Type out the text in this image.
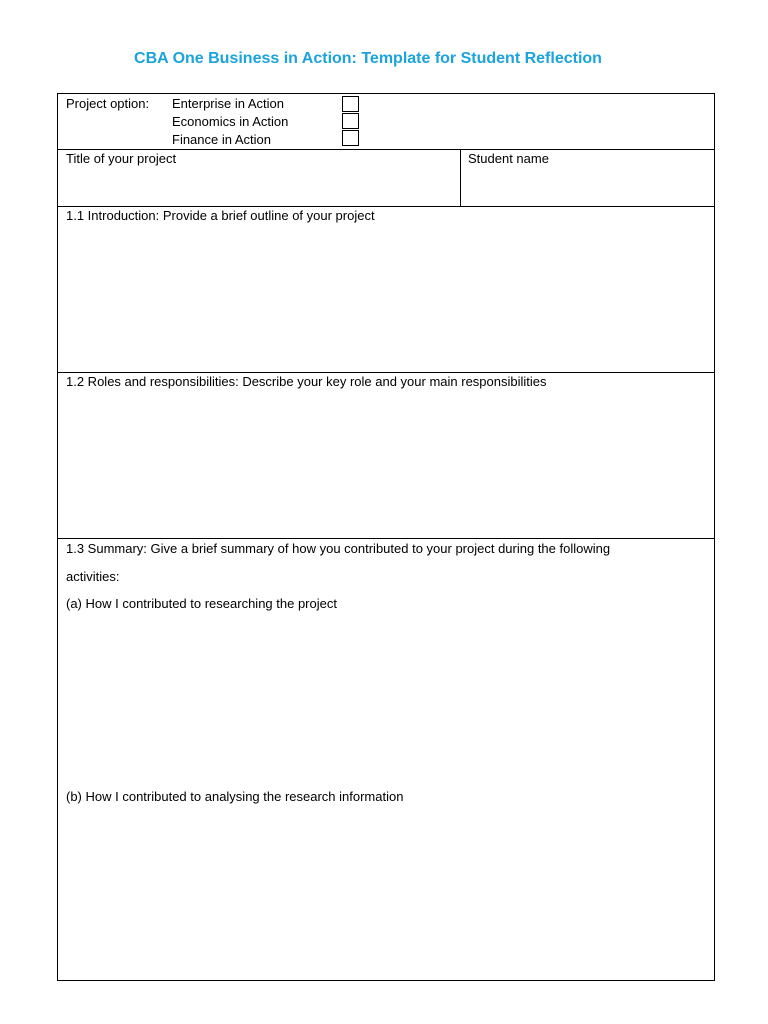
CBA One Business in Action: Template for Student Reflection
Project option: Enterprise in Action
Economics in Action
Finance in Action
Title of your project	Student name
1.1 Introduction: Provide a brief outline of your project
1.2 Roles and responsibilities: Describe your key role and your main responsibilities
1.3 Summary: Give a brief summary of how you contributed to your project during the following
activities:
(a) How I contributed to researching the project
(b) How I contributed to analysing the research information
